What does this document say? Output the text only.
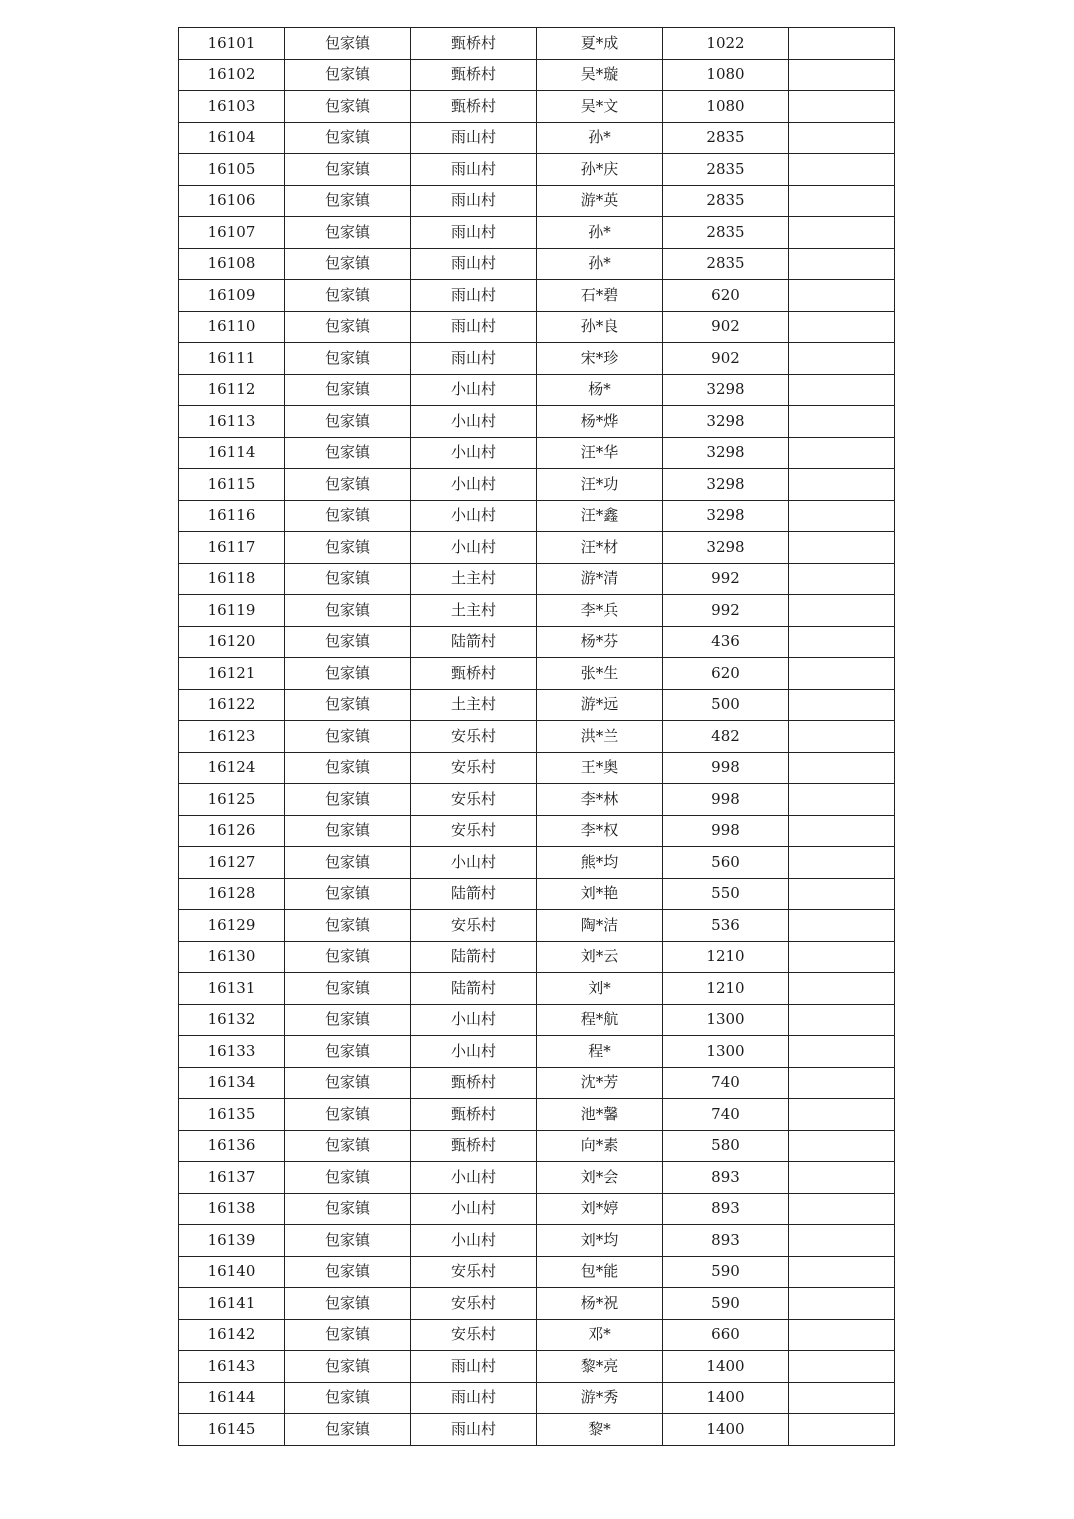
16101	包家镇	甄桥村	夏*成	1022	
16102	包家镇	甄桥村	吴*璇	1080	
16103	包家镇	甄桥村	吴*文	1080	
16104	包家镇	雨山村	孙*	2835	
16105	包家镇	雨山村	孙*庆	2835	
16106	包家镇	雨山村	游*英	2835	
16107	包家镇	雨山村	孙*	2835	
16108	包家镇	雨山村	孙*	2835	
16109	包家镇	雨山村	石*碧	620	
16110	包家镇	雨山村	孙*良	902	
16111	包家镇	雨山村	宋*珍	902	
16112	包家镇	小山村	杨*	3298	
16113	包家镇	小山村	杨*烨	3298	
16114	包家镇	小山村	汪*华	3298	
16115	包家镇	小山村	汪*功	3298	
16116	包家镇	小山村	汪*鑫	3298	
16117	包家镇	小山村	汪*材	3298	
16118	包家镇	土主村	游*清	992	
16119	包家镇	土主村	李*兵	992	
16120	包家镇	陆箭村	杨*芬	436	
16121	包家镇	甄桥村	张*生	620	
16122	包家镇	土主村	游*远	500	
16123	包家镇	安乐村	洪*兰	482	
16124	包家镇	安乐村	王*奥	998	
16125	包家镇	安乐村	李*林	998	
16126	包家镇	安乐村	李*权	998	
16127	包家镇	小山村	熊*均	560	
16128	包家镇	陆箭村	刘*艳	550	
16129	包家镇	安乐村	陶*洁	536	
16130	包家镇	陆箭村	刘*云	1210	
16131	包家镇	陆箭村	刘*	1210	
16132	包家镇	小山村	程*航	1300	
16133	包家镇	小山村	程*	1300	
16134	包家镇	甄桥村	沈*芳	740	
16135	包家镇	甄桥村	池*馨	740	
16136	包家镇	甄桥村	向*素	580	
16137	包家镇	小山村	刘*会	893	
16138	包家镇	小山村	刘*婷	893	
16139	包家镇	小山村	刘*均	893	
16140	包家镇	安乐村	包*能	590	
16141	包家镇	安乐村	杨*祝	590	
16142	包家镇	安乐村	邓*	660	
16143	包家镇	雨山村	黎*亮	1400	
16144	包家镇	雨山村	游*秀	1400	
16145	包家镇	雨山村	黎*	1400	
